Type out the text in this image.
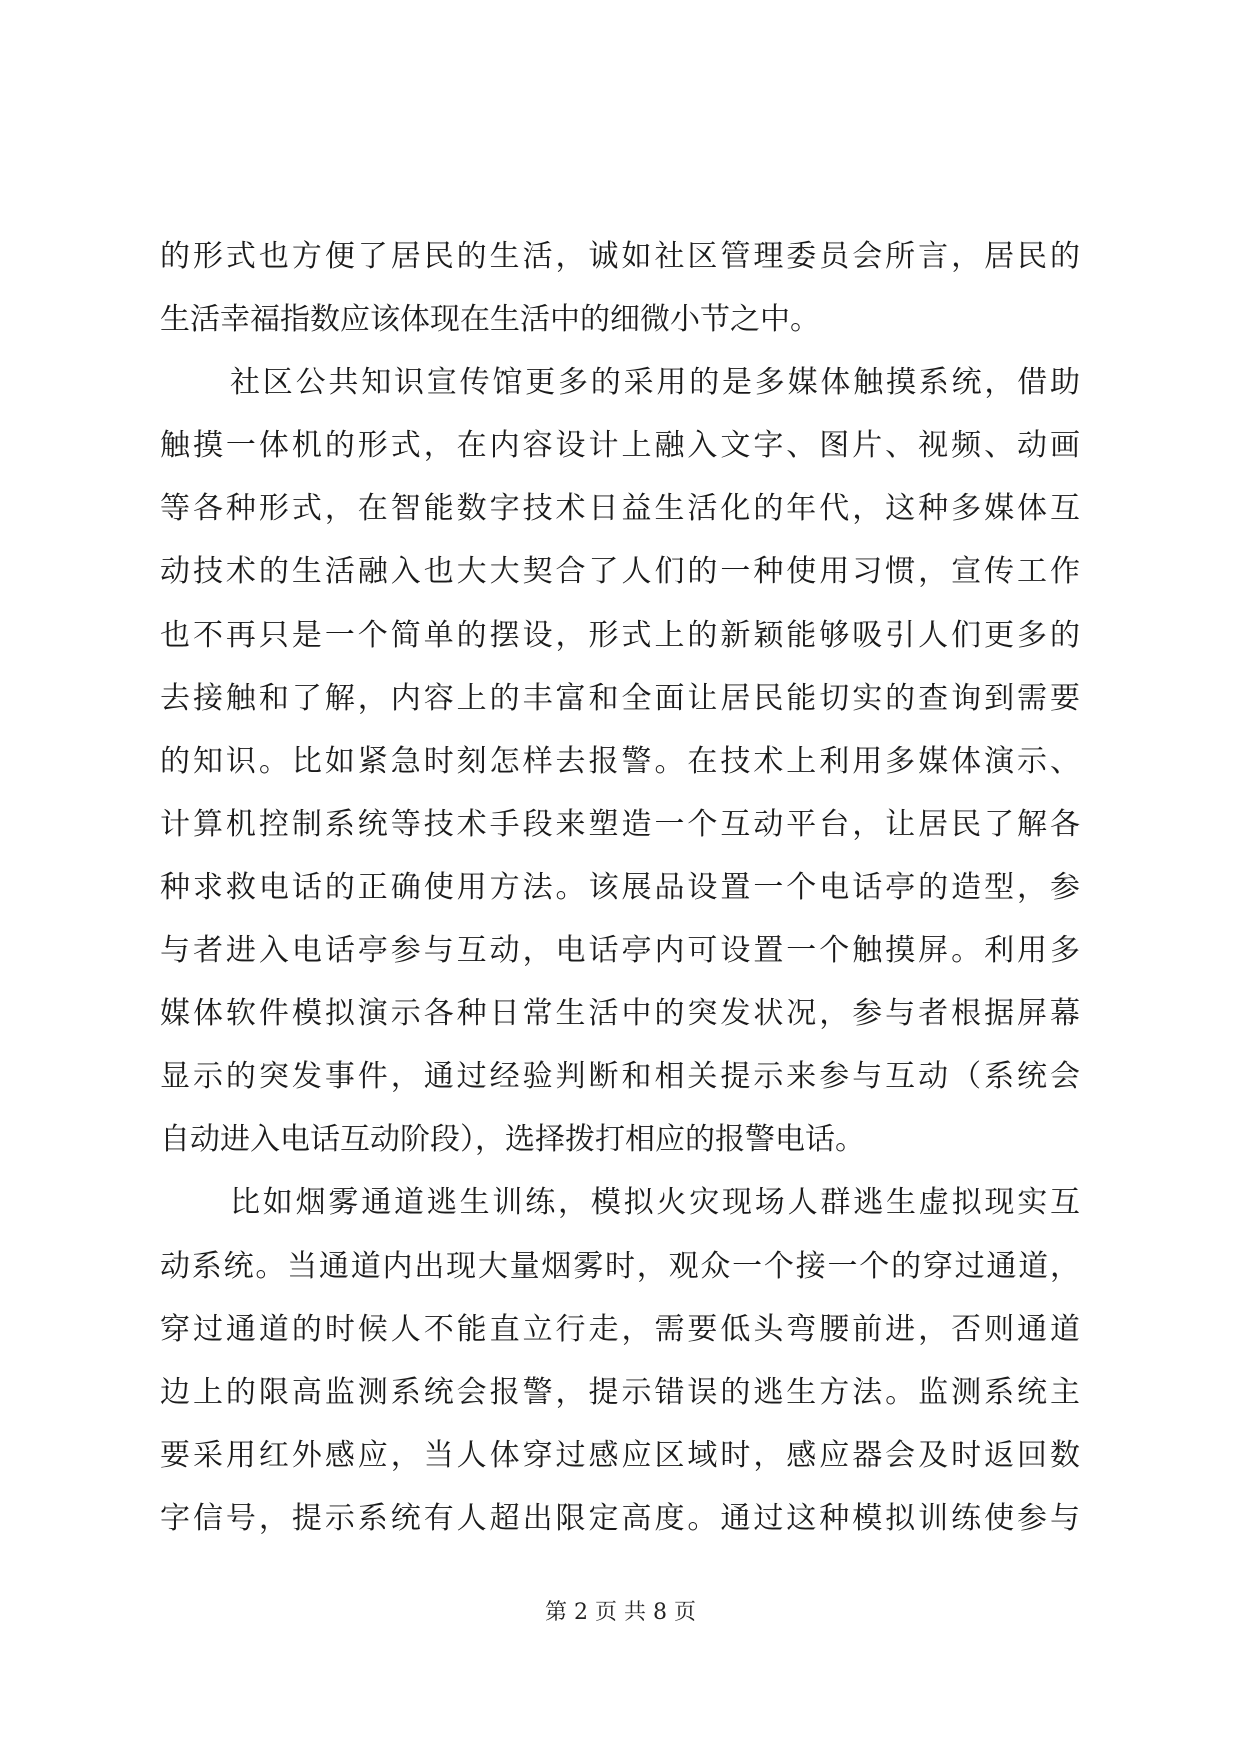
的形式也方便了居民的生活，诚如社区管理委员会所言，居民的
生活幸福指数应该体现在生活中的细微小节之中。
社区公共知识宣传馆更多的采用的是多媒体触摸系统，借助
触摸一体机的形式，在内容设计上融入文字、图片、视频、动画
等各种形式，在智能数字技术日益生活化的年代，这种多媒体互
动技术的生活融入也大大契合了人们的一种使用习惯，宣传工作
也不再只是一个简单的摆设，形式上的新颖能够吸引人们更多的
去接触和了解，内容上的丰富和全面让居民能切实的查询到需要
的知识。比如紧急时刻怎样去报警。在技术上利用多媒体演示、
计算机控制系统等技术手段来塑造一个互动平台，让居民了解各
种求救电话的正确使用方法。该展品设置一个电话亭的造型，参
与者进入电话亭参与互动，电话亭内可设置一个触摸屏。利用多
媒体软件模拟演示各种日常生活中的突发状况，参与者根据屏幕
显示的突发事件，通过经验判断和相关提示来参与互动（系统会
自动进入电话互动阶段），选择拨打相应的报警电话。
比如烟雾通道逃生训练，模拟火灾现场人群逃生虚拟现实互
动系统。当通道内出现大量烟雾时，观众一个接一个的穿过通道，
穿过通道的时候人不能直立行走，需要低头弯腰前进，否则通道
边上的限高监测系统会报警，提示错误的逃生方法。监测系统主
要采用红外感应，当人体穿过感应区域时，感应器会及时返回数
字信号，提示系统有人超出限定高度。通过这种模拟训练使参与
第 2 页 共 8 页
